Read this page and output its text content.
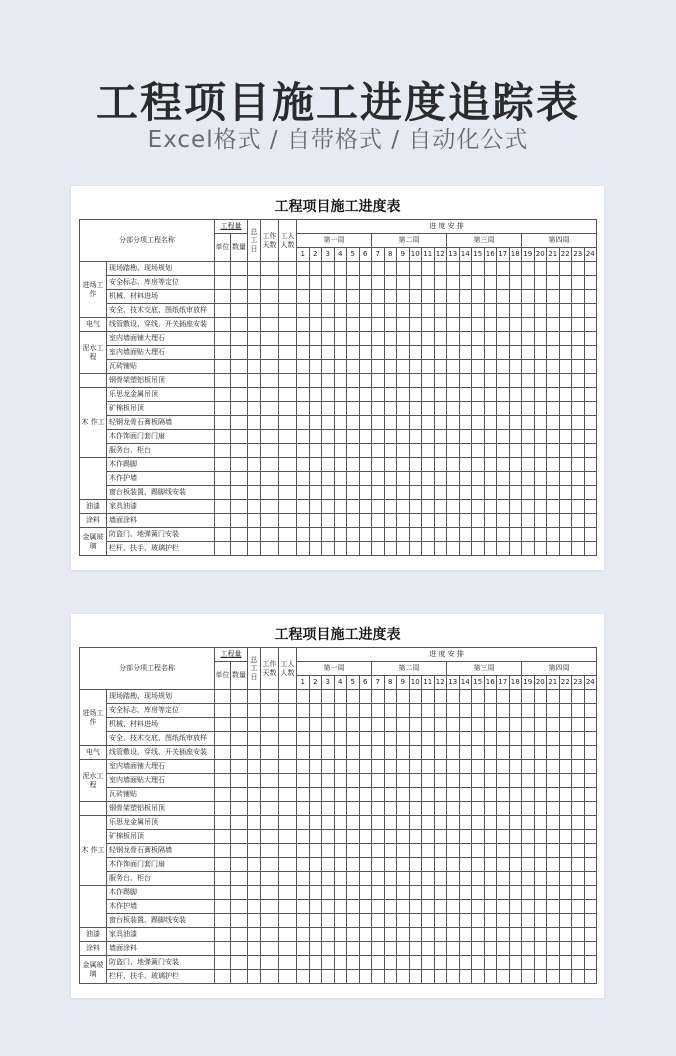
工程项目施工进度追踪表
Excel格式 / 自带格式 / 自动化公式
工程项目施工进度表
分部分项工程名称		工程量		总工日	工作天数	工人人数	进 度 安 排																							
		单位	数量				第一周						第二周						第三周						第四周					
							1	2	3	4	5	6	7	8	9	10	11	12	13	14	15	16	17	18	19	20	21	22	23	24
进场工作	现场踏勘、现场规划																													
	安全标志、库房等定位																													
	机械、材料进场																													
	安全、技术交底、图纸纸审放样																													
电气	线管敷设、穿线、开关插座安装																													
泥水工程	室内墙面铺大理石																													
	室内墙面贴大理石																													
	瓦砖铺贴																													
	钢骨架塑铝板吊顶																													
木 作工	乐思龙金属吊顶																													
	矿棉板吊顶																													
	轻钢龙骨石膏板隔墙																													
	木作饰面门套门扇																													
	服务台、柜台																													
	木作踢脚																													
	木作护墙																													
	窗台板装置、踢脚线安装																													
油漆	家具油漆																													
涂料	墙面涂料																													
金属玻璃	防盗门、地弹簧门安装																													
	栏杆、扶手、玻璃护栏																													
工程项目施工进度表
分部分项工程名称		工程量		总工日	工作天数	工人人数	进 度 安 排																							
		单位	数量				第一周						第二周						第三周						第四周					
							1	2	3	4	5	6	7	8	9	10	11	12	13	14	15	16	17	18	19	20	21	22	23	24
进场工作	现场踏勘、现场规划																													
	安全标志、库房等定位																													
	机械、材料进场																													
	安全、技术交底、图纸纸审放样																													
电气	线管敷设、穿线、开关插座安装																													
泥水工程	室内墙面铺大理石																													
	室内墙面贴大理石																													
	瓦砖铺贴																													
	钢骨架塑铝板吊顶																													
木 作工	乐思龙金属吊顶																													
	矿棉板吊顶																													
	轻钢龙骨石膏板隔墙																													
	木作饰面门套门扇																													
	服务台、柜台																													
	木作踢脚																													
	木作护墙																													
	窗台板装置、踢脚线安装																													
油漆	家具油漆																													
涂料	墙面涂料																													
金属玻璃	防盗门、地弹簧门安装																													
	栏杆、扶手、玻璃护栏																													
